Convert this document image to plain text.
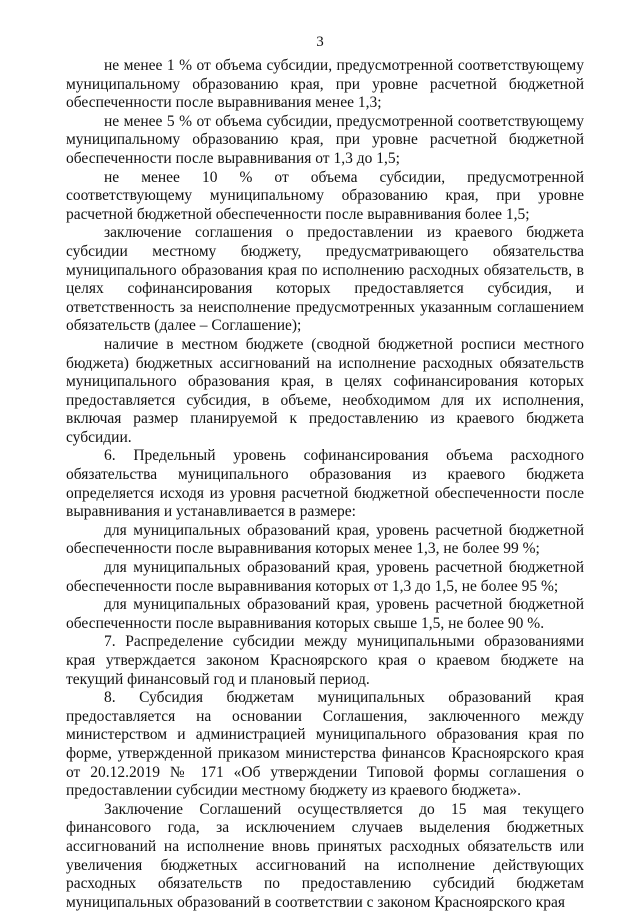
3

не менее 1 % от объема субсидии, предусмотренной соответствующему муниципальному образованию края, при уровне расчетной бюджетной обеспеченности после выравнивания менее 1,3;

не менее 5 % от объема субсидии, предусмотренной соответствующему муниципальному образованию края, при уровне расчетной бюджетной обеспеченности после выравнивания от 1,3 до 1,5;

не менее 10 % от объема субсидии, предусмотренной соответствующему муниципальному образованию края, при уровне расчетной бюджетной обеспеченности после выравнивания более 1,5;

заключение соглашения о предоставлении из краевого бюджета субсидии местному бюджету, предусматривающего обязательства муниципального образования края по исполнению расходных обязательств, в целях софинансирования которых предоставляется субсидия, и ответственность за неисполнение предусмотренных указанным соглашением обязательств (далее – Соглашение);

наличие в местном бюджете (сводной бюджетной росписи местного бюджета) бюджетных ассигнований на исполнение расходных обязательств муниципального образования края, в целях софинансирования которых предоставляется субсидия, в объеме, необходимом для их исполнения, включая размер планируемой к предоставлению из краевого бюджета субсидии.

6. Предельный уровень софинансирования объема расходного обязательства муниципального образования из краевого бюджета определяется исходя из уровня расчетной бюджетной обеспеченности после выравнивания и устанавливается в размере:

для муниципальных образований края, уровень расчетной бюджетной обеспеченности после выравнивания которых менее 1,3, не более 99 %;

для муниципальных образований края, уровень расчетной бюджетной обеспеченности после выравнивания которых от 1,3 до 1,5, не более 95 %;

для муниципальных образований края, уровень расчетной бюджетной обеспеченности после выравнивания которых свыше 1,5, не более 90 %.

7. Распределение субсидии между муниципальными образованиями края утверждается законом Красноярского края о краевом бюджете на текущий финансовый год и плановый период.

8. Субсидия бюджетам муниципальных образований края предоставляется на основании Соглашения, заключенного между министерством и администрацией муниципального образования края по форме, утвержденной приказом министерства финансов Красноярского края от 20.12.2019 № 171 «Об утверждении Типовой формы соглашения о предоставлении субсидии местному бюджету из краевого бюджета».

Заключение Соглашений осуществляется до 15 мая текущего финансового года, за исключением случаев выделения бюджетных ассигнований на исполнение вновь принятых расходных обязательств или увеличения бюджетных ассигнований на исполнение действующих расходных обязательств по предоставлению субсидий бюджетам муниципальных образований в соответствии с законом Красноярского края
